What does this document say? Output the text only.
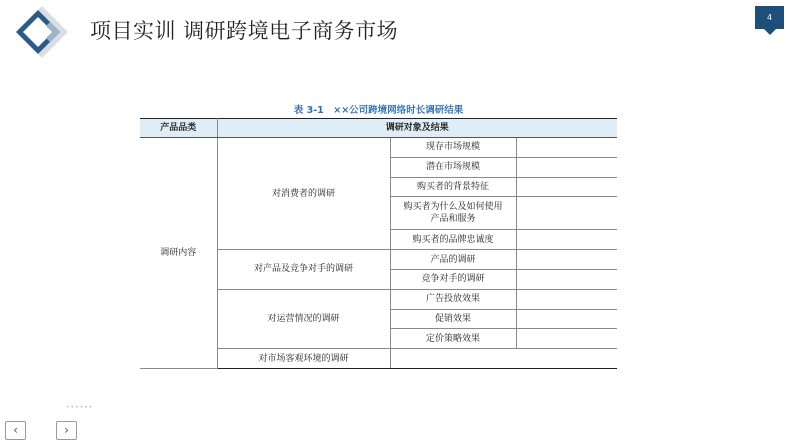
项目实训 调研跨境电子商务市场
4
表 3-1　××公司跨境网络时长调研结果
产品品类	调研对象及结果		
调研内容	对消费者的调研	现存市场规模	
		潜在市场规模	
		购买者的背景特征	
		购买者为什么及如何使用产品和服务	
		购买者的品牌忠诚度	
	对产品及竞争对手的调研	产品的调研	
		竞争对手的调研	
	对运营情况的调研	广告投放效果	
		促销效果	
		定价策略效果	
	对市场客观环境的调研		
••••••
‹	›
